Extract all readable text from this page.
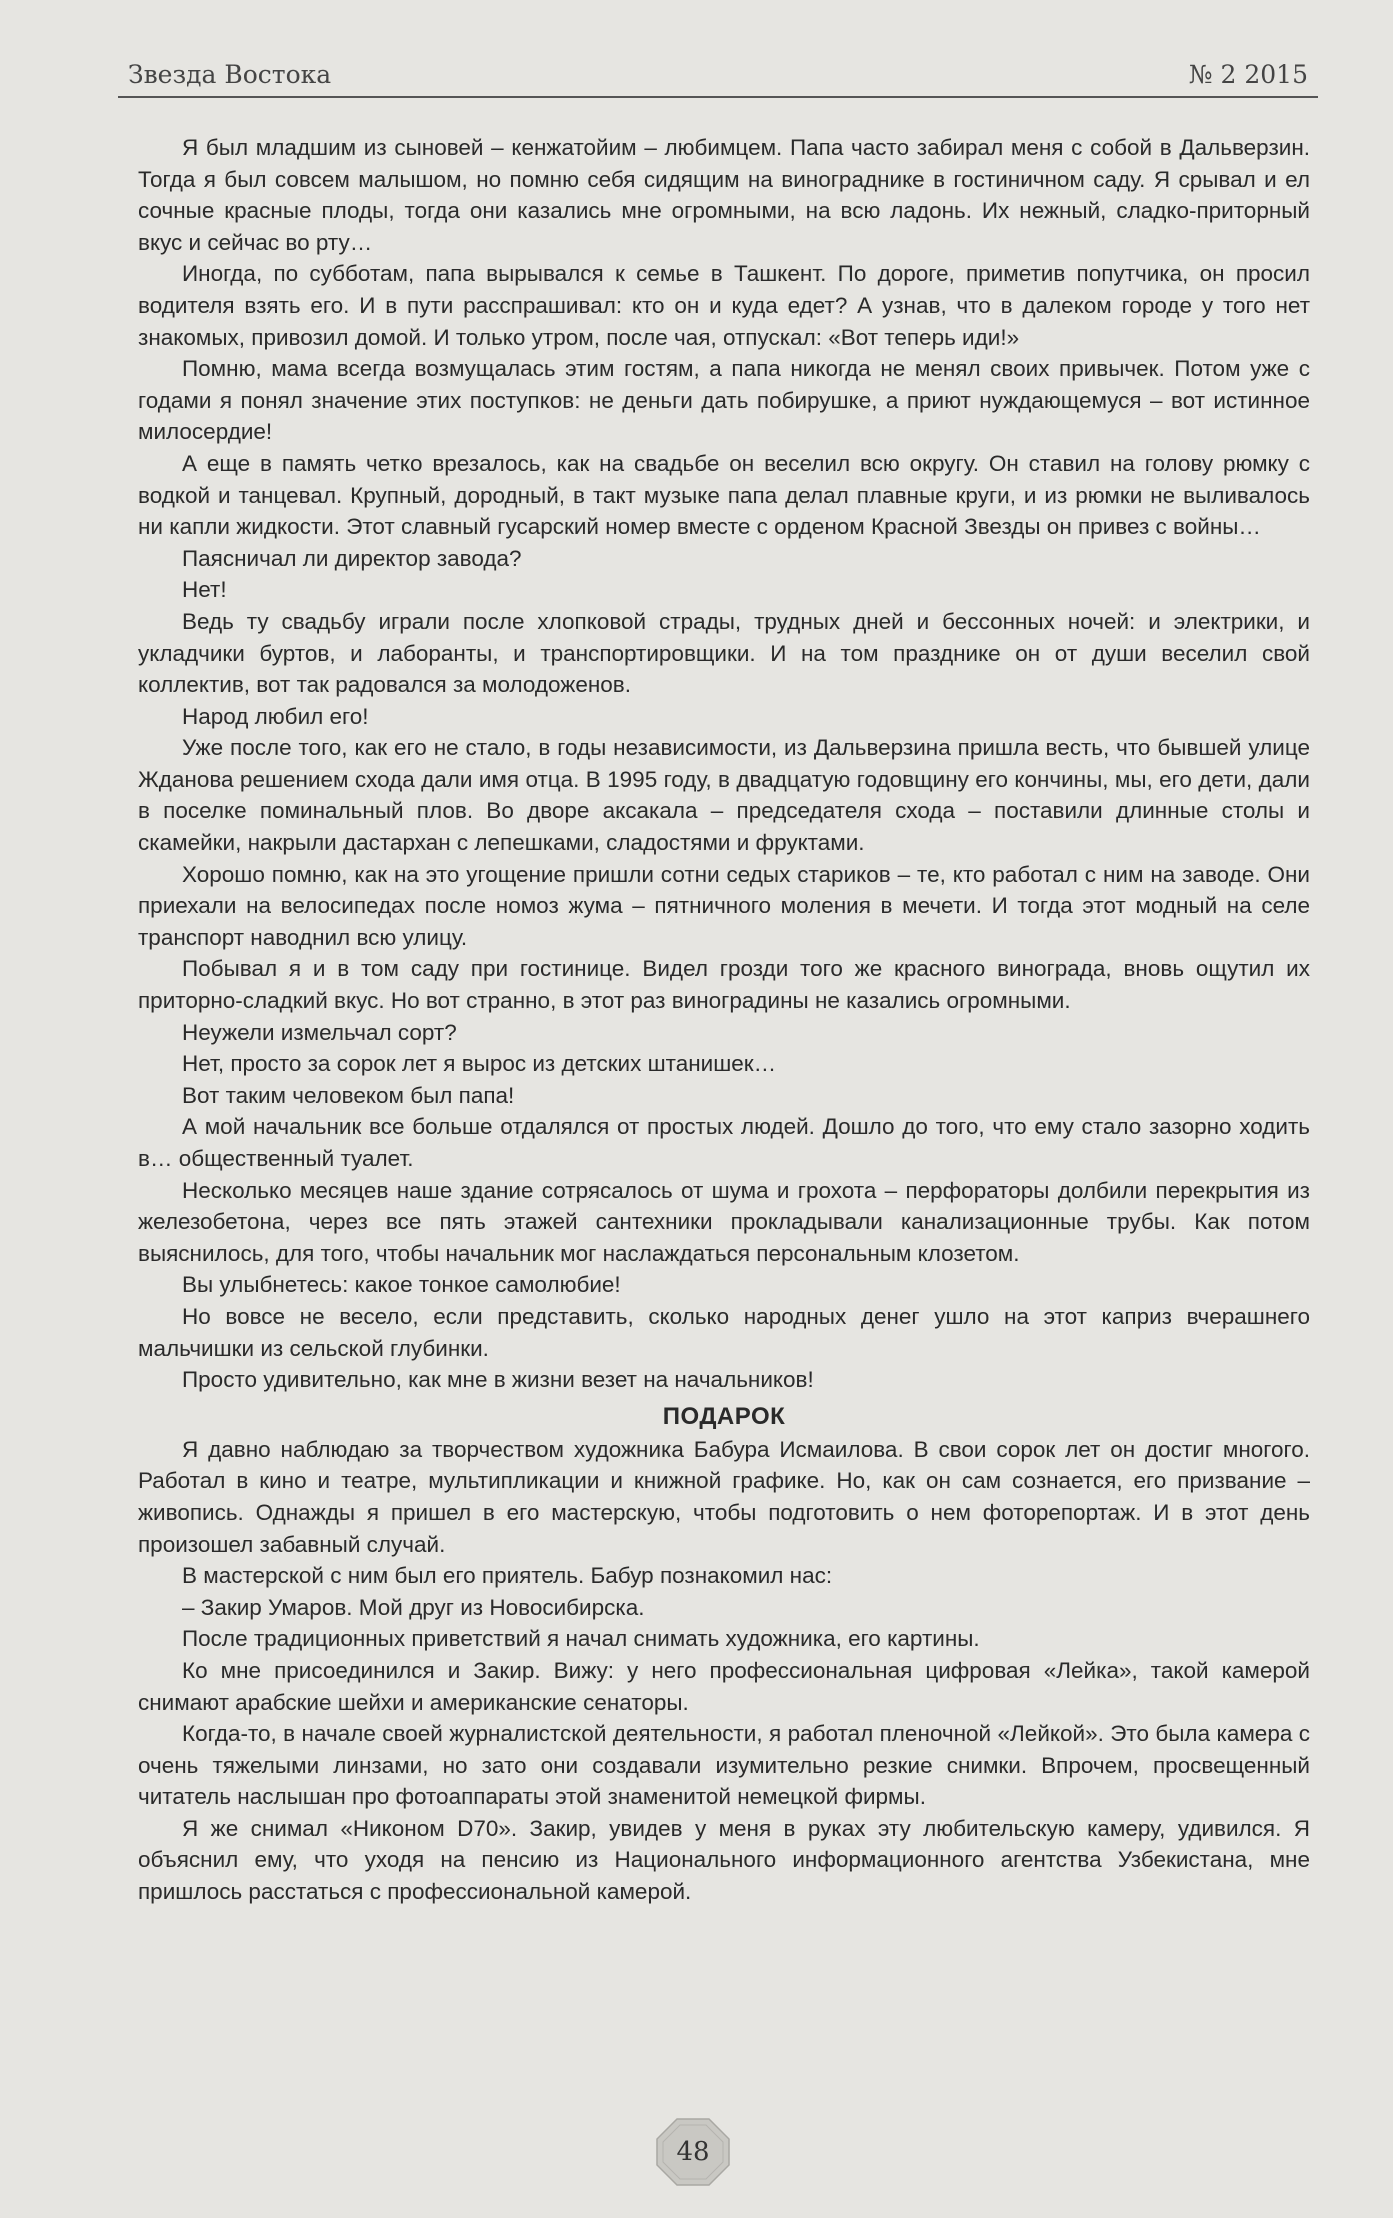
Звезда Востока	№ 2 2015

Я был младшим из сыновей – кенжатойим – любимцем. Папа часто забирал меня с собой в Дальверзин. Тогда я был совсем малышом, но помню себя сидящим на винограднике в гостиничном саду. Я срывал и ел сочные красные плоды, тогда они казались мне огромными, на всю ладонь. Их нежный, сладко-приторный вкус и сейчас во рту…

Иногда, по субботам, папа вырывался к семье в Ташкент. По дороге, приметив попутчика, он просил водителя взять его. И в пути расспрашивал: кто он и куда едет? А узнав, что в далеком городе у того нет знакомых, привозил домой. И только утром, после чая, отпускал: «Вот теперь иди!»

Помню, мама всегда возмущалась этим гостям, а папа никогда не менял своих привычек. Потом уже с годами я понял значение этих поступков: не деньги дать побирушке, а приют нуждающемуся – вот истинное милосердие!

А еще в память четко врезалось, как на свадьбе он веселил всю округу. Он ставил на голову рюмку с водкой и танцевал. Крупный, дородный, в такт музыке папа делал плавные круги, и из рюмки не выливалось ни капли жидкости. Этот славный гусарский номер вместе с орденом Красной Звезды он привез с войны…

Паясничал ли директор завода?

Нет!

Ведь ту свадьбу играли после хлопковой страды, трудных дней и бессонных ночей: и электрики, и укладчики буртов, и лаборанты, и транспортировщики. И на том празднике он от души веселил свой коллектив, вот так радовался за молодоженов.

Народ любил его!

Уже после того, как его не стало, в годы независимости, из Дальверзина пришла весть, что бывшей улице Жданова решением схода дали имя отца. В 1995 году, в двадцатую годовщину его кончины, мы, его дети, дали в поселке поминальный плов. Во дворе аксакала – председателя схода – поставили длинные столы и скамейки, накрыли дастархан с лепешками, сладостями и фруктами.

Хорошо помню, как на это угощение пришли сотни седых стариков – те, кто работал с ним на заводе. Они приехали на велосипедах после номоз жума – пятничного моления в мечети. И тогда этот модный на селе транспорт наводнил всю улицу.

Побывал я и в том саду при гостинице. Видел грозди того же красного винограда, вновь ощутил их приторно-сладкий вкус. Но вот странно, в этот раз виноградины не казались огромными.

Неужели измельчал сорт?

Нет, просто за сорок лет я вырос из детских штанишек…

Вот таким человеком был папа!

А мой начальник все больше отдалялся от простых людей. Дошло до того, что ему стало зазорно ходить в… общественный туалет.

Несколько месяцев наше здание сотрясалось от шума и грохота – перфораторы долбили перекрытия из железобетона, через все пять этажей сантехники прокладывали канализационные трубы. Как потом выяснилось, для того, чтобы начальник мог наслаждаться персональным клозетом.

Вы улыбнетесь: какое тонкое самолюбие!

Но вовсе не весело, если представить, сколько народных денег ушло на этот каприз вчерашнего мальчишки из сельской глубинки.

Просто удивительно, как мне в жизни везет на начальников!

ПОДАРОК

Я давно наблюдаю за творчеством художника Бабура Исмаилова. В свои сорок лет он достиг многого. Работал в кино и театре, мультипликации и книжной графике. Но, как он сам сознается, его призвание – живопись. Однажды я пришел в его мастерскую, чтобы подготовить о нем фоторепортаж. И в этот день произошел забавный случай.

В мастерской с ним был его приятель. Бабур познакомил нас:

– Закир Умаров. Мой друг из Новосибирска.

После традиционных приветствий я начал снимать художника, его картины.

Ко мне присоединился и Закир. Вижу: у него профессиональная цифровая «Лейка», такой камерой снимают арабские шейхи и американские сенаторы.

Когда-то, в начале своей журналистской деятельности, я работал пленочной «Лейкой». Это была камера с очень тяжелыми линзами, но зато они создавали изумительно резкие снимки. Впрочем, просвещенный читатель наслышан про фотоаппараты этой знаменитой немецкой фирмы.

Я же снимал «Никоном D70». Закир, увидев у меня в руках эту любительскую камеру, удивился. Я объяснил ему, что уходя на пенсию из Национального информационного агентства Узбекистана, мне пришлось расстаться с профессиональной камерой.

48
